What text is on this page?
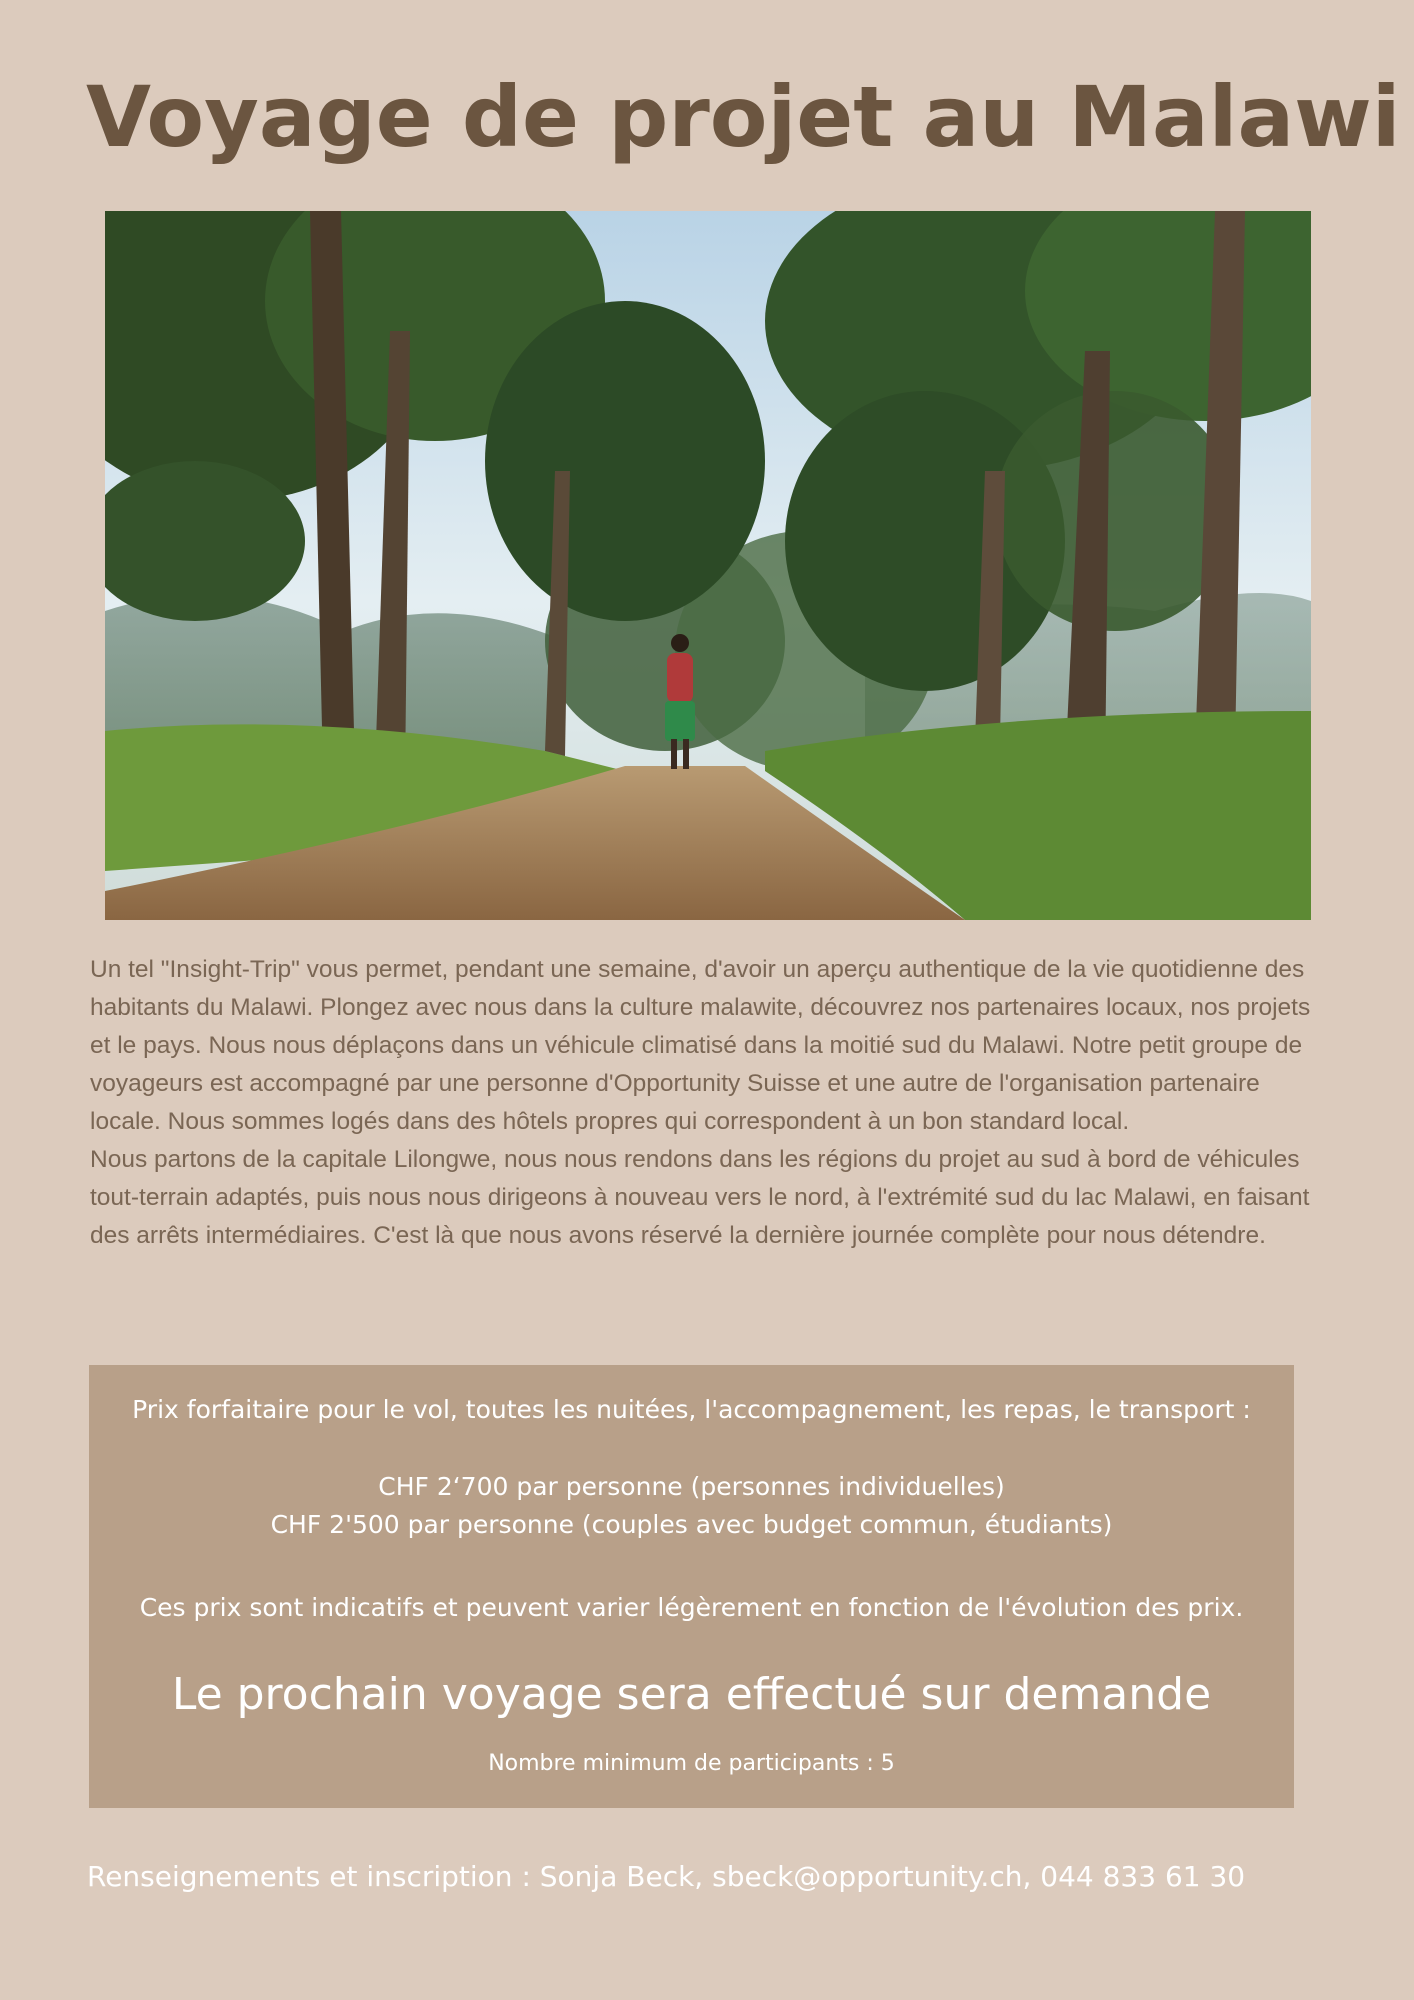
Voyage de projet au Malawi

Un tel "Insight-Trip" vous permet, pendant une semaine, d'avoir un aperçu authentique de la vie quotidienne des habitants du Malawi. Plongez avec nous dans la culture malawite, découvrez nos partenaires locaux, nos projets et le pays. Nous nous déplaçons dans un véhicule climatisé dans la moitié sud du Malawi. Notre petit groupe de voyageurs est accompagné par une personne d'Opportunity Suisse et une autre de l'organisation partenaire locale. Nous sommes logés dans des hôtels propres qui correspondent à un bon standard local.

Nous partons de la capitale Lilongwe, nous nous rendons dans les régions du projet au sud à bord de véhicules tout-terrain adaptés, puis nous nous dirigeons à nouveau vers le nord, à l'extrémité sud du lac Malawi, en faisant des arrêts intermédiaires. C'est là que nous avons réservé la dernière journée complète pour nous détendre.

Prix forfaitaire pour le vol, toutes les nuitées, l'accompagnement, les repas, le transport :
CHF 2‘700 par personne (personnes individuelles)
CHF 2'500 par personne (couples avec budget commun, étudiants)
Ces prix sont indicatifs et peuvent varier légèrement en fonction de l'évolution des prix.
Le prochain voyage sera effectué sur demande
Nombre minimum de participants : 5
Renseignements et inscription : Sonja Beck, sbeck@opportunity.ch, 044 833 61 30
